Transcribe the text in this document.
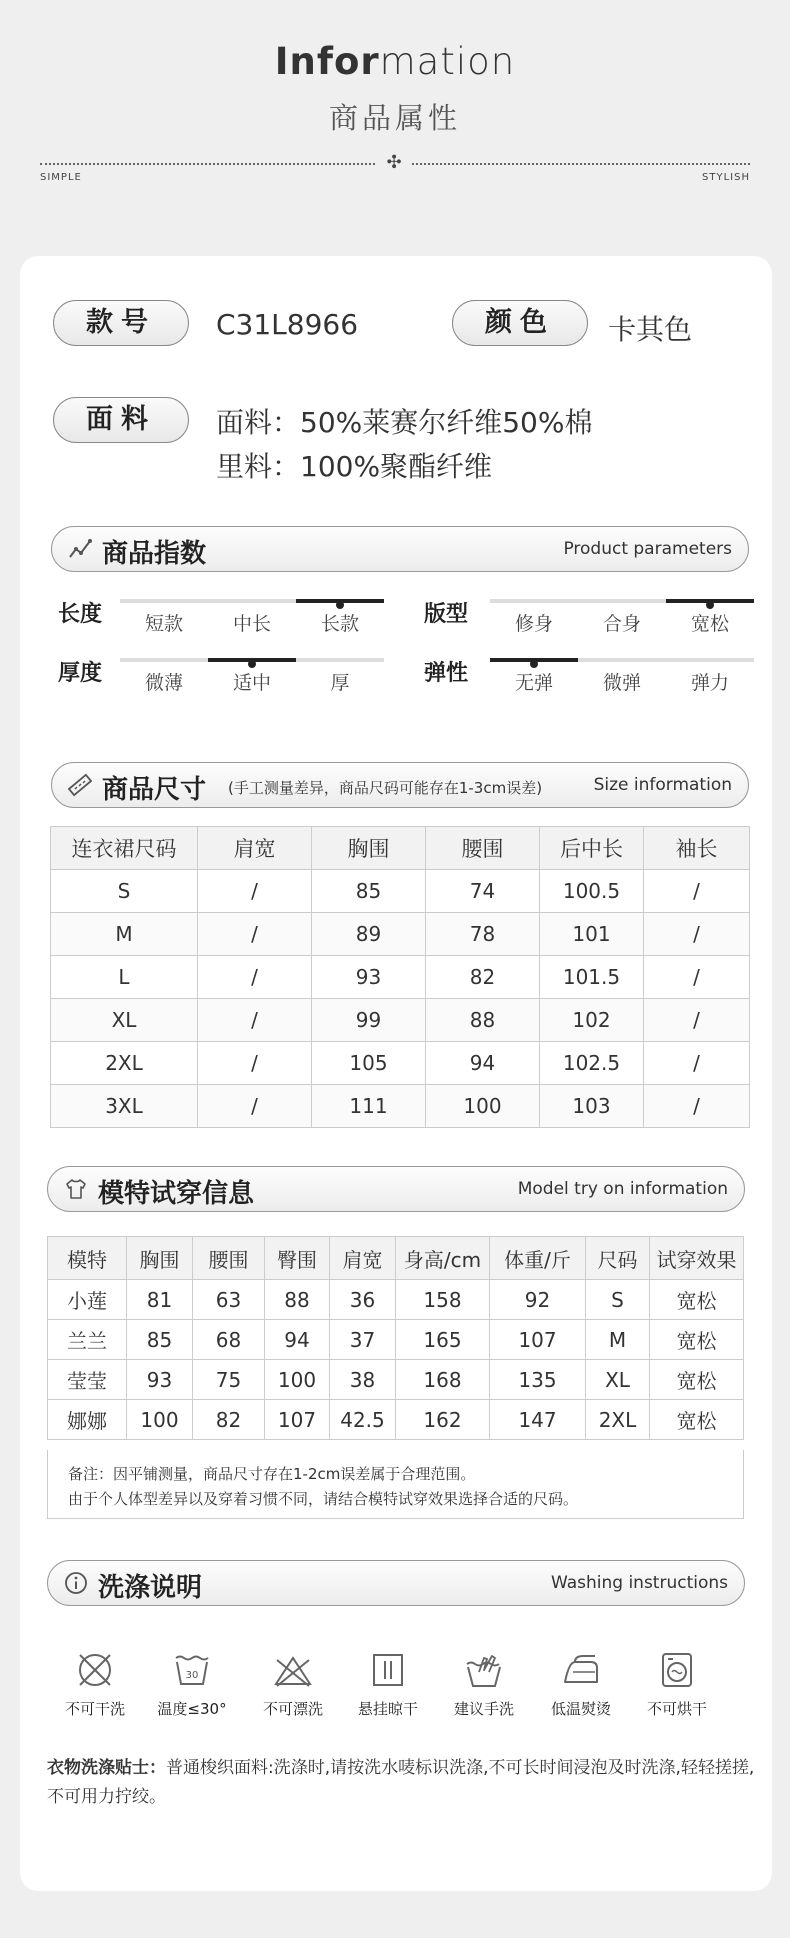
Information
商品属性
✣
SIMPLE	STYLISH
款号	C31L8966	颜色	卡其色
面料	面料：50%莱赛尔纤维50%棉
里料：100%聚酯纤维
商品指数	Product parameters
长度	短款	中长	长款	版型	修身	合身	宽松
厚度	微薄	适中	厚	弹性	无弹	微弹	弹力
商品尺寸 (手工测量差异，商品尺码可能存在1-3cm误差)	Size information
连衣裙尺码	肩宽	胸围	腰围	后中长	袖长
S	/	85	74	100.5	/
M	/	89	78	101	/
L	/	93	82	101.5	/
XL	/	99	88	102	/
2XL	/	105	94	102.5	/
3XL	/	111	100	103	/
模特试穿信息	Model try on information
模特	胸围	腰围	臀围	肩宽	身高/cm	体重/斤	尺码	试穿效果
小莲	81	63	88	36	158	92	S	宽松
兰兰	85	68	94	37	165	107	M	宽松
莹莹	93	75	100	38	168	135	XL	宽松
娜娜	100	82	107	42.5	162	147	2XL	宽松
备注：因平铺测量，商品尺寸存在1-2cm误差属于合理范围。
由于个人体型差异以及穿着习惯不同，请结合模特试穿效果选择合适的尺码。
洗涤说明	Washing instructions
不可干洗
30
温度≤30°	不可漂洗	悬挂晾干	建议手洗	低温熨烫	不可烘干
衣物洗涤贴士：普通梭织面料:洗涤时,请按洗水唛标识洗涤,不可长时间浸泡及时洗涤,轻轻搓搓,不可用力拧绞。
